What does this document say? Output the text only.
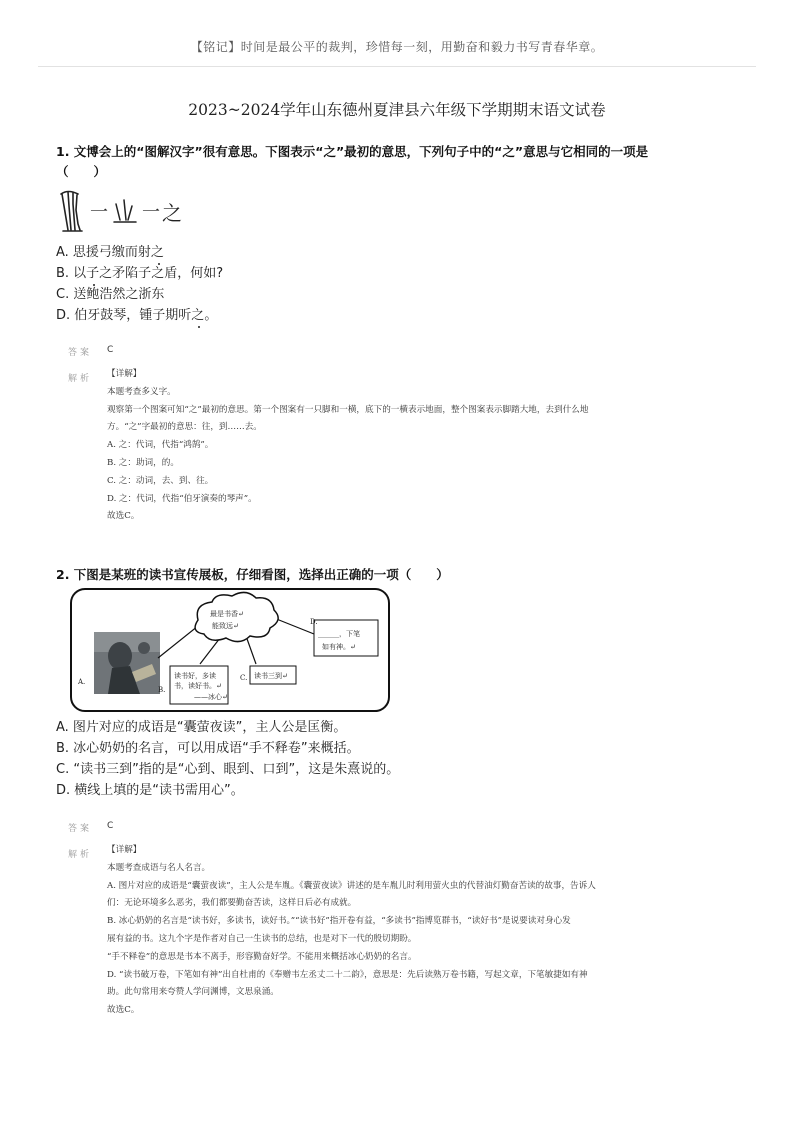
【铭记】时间是最公平的裁判，珍惜每一刻，用勤奋和毅力书写青春华章。
2023~2024学年山东德州夏津县六年级下学期期末语文试卷
1. 文博会上的“图解汉字”很有意思。下图表示“之”最初的意思，下列句子中的“之”意思与它相同的一项是
（　　）
一 一 之
A. 思援弓缴而射之
B. 以子之矛陷子之盾，何如?
C. 送鲍浩然之浙东
D. 伯牙鼓琴，锺子期听之。
答案 C
解析 【详解】
本题考查多义字。
观察第一个图案可知“之”最初的意思。第一个图案有一只脚和一横，底下的一横表示地面，整个图案表示脚踏大地，去到什么地
方。“之”字最初的意思：往，到……去。
A. 之：代词，代指“鸿鹄”。
B. 之：助词，的。
C. 之：动词，去、到、往。
D. 之：代词，代指“伯牙演奏的琴声”。
故选C。
2. 下图是某班的读书宣传展板，仔细看图，选择出正确的一项（　　）
最是书香↵
能致远↵
读书好，多读
书，读好书。↵
——冰心↵
读书三到↵
______，下笔
如有神。↵
A.
B.
C.
D.
A. 图片对应的成语是“囊萤夜读”，主人公是匡衡。
B. 冰心奶奶的名言，可以用成语“手不释卷”来概括。
C. “读书三到”指的是“心到、眼到、口到”，这是朱熹说的。
D. 横线上填的是“读书需用心”。
答案 C
解析 【详解】
本题考查成语与名人名言。
A. 图片对应的成语是“囊萤夜读”，主人公是车胤。《囊萤夜读》讲述的是车胤儿时利用萤火虫的代替油灯勤奋苦读的故事，告诉人
们：无论环境多么恶劣，我们都要勤奋苦读，这样日后必有成就。
B. 冰心奶奶的名言是“读书好，多读书，读好书。”“读书好”指开卷有益，“多读书”指博览群书，“读好书”是说要读对身心发
展有益的书。这九个字是作者对自己一生读书的总结，也是对下一代的殷切期盼。
“手不释卷”的意思是书本不离手，形容勤奋好学。不能用来概括冰心奶奶的名言。
D. “读书破万卷，下笔如有神”出自杜甫的《奉赠韦左丞丈二十二韵》，意思是：先后读熟万卷书籍，写起文章，下笔敏捷如有神
助。此句常用来夸赞人学问渊博，文思泉涌。
故选C。
